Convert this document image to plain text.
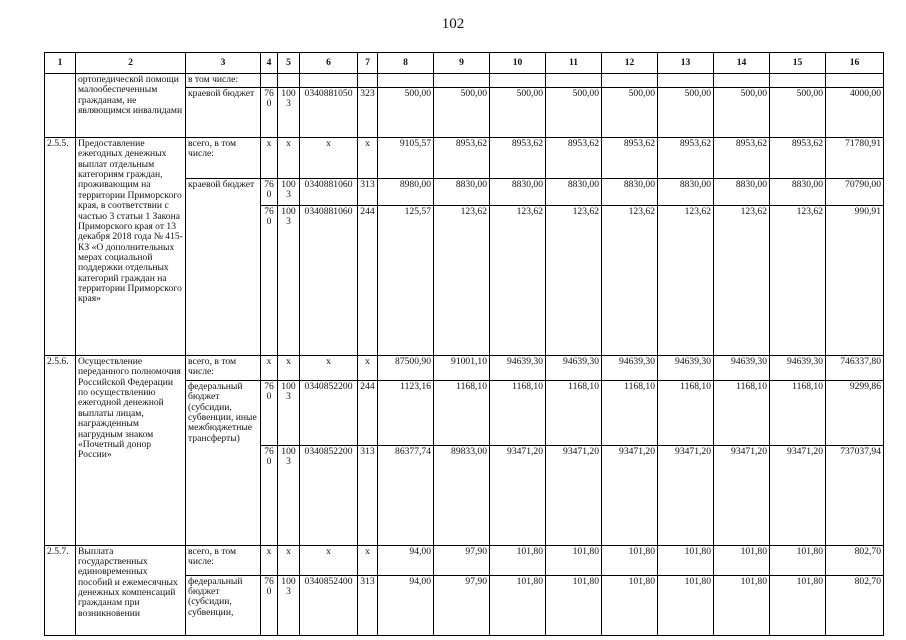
102
1	2	3	4	5	6	7	8	9	10	11	12	13	14	15	16
	ортопедической помощи малообеспеченным гражданам, не являющимся инвалидами	в том числе:													
		краевой бюджет	760	1003	0340881050	323	500,00	500,00	500,00	500,00	500,00	500,00	500,00	500,00	4000,00
2.5.5.	Предоставление ежегодных денежных выплат отдельным категориям граждан, проживающим на территории Приморского края, в соответствии с частью 3 статьи 1 Закона Приморского края от 13 декабря 2018 года № 415-КЗ «О дополнительных мерах социальной поддержки отдельных категорий граждан на территории Приморского края»	всего, в том числе:	х	х	х	х	9105,57	8953,62	8953,62	8953,62	8953,62	8953,62	8953,62	8953,62	71780,91
		краевой бюджет	760	1003	0340881060	313	8980,00	8830,00	8830,00	8830,00	8830,00	8830,00	8830,00	8830,00	70790,00
			760	1003	0340881060	244	125,57	123,62	123,62	123,62	123,62	123,62	123,62	123,62	990,91
2.5.6.	Осуществление переданного полномочия Российской Федерации по осуществлению ежегодной денежной выплаты лицам, награжденным нагрудным знаком «Почетный донор России»	всего, в том числе:	х	х	х	х	87500,90	91001,10	94639,30	94639,30	94639,30	94639,30	94639,30	94639,30	746337,80
		федеральный бюджет (субсидии, субвенции, иные межбюджетные трансферты)	760	1003	0340852200	244	1123,16	1168,10	1168,10	1168,10	1168,10	1168,10	1168,10	1168,10	9299,86
			760	1003	0340852200	313	86377,74	89833,00	93471,20	93471,20	93471,20	93471,20	93471,20	93471,20	737037,94
2.5.7.	Выплата государственных единовременных пособий и ежемесячных денежных компенсаций гражданам при возникновении	всего, в том числе:	х	х	х	х	94,00	97,90	101,80	101,80	101,80	101,80	101,80	101,80	802,70
		федеральный бюджет (субсидии, субвенции,	760	1003	0340852400	313	94,00	97,90	101,80	101,80	101,80	101,80	101,80	101,80	802,70
